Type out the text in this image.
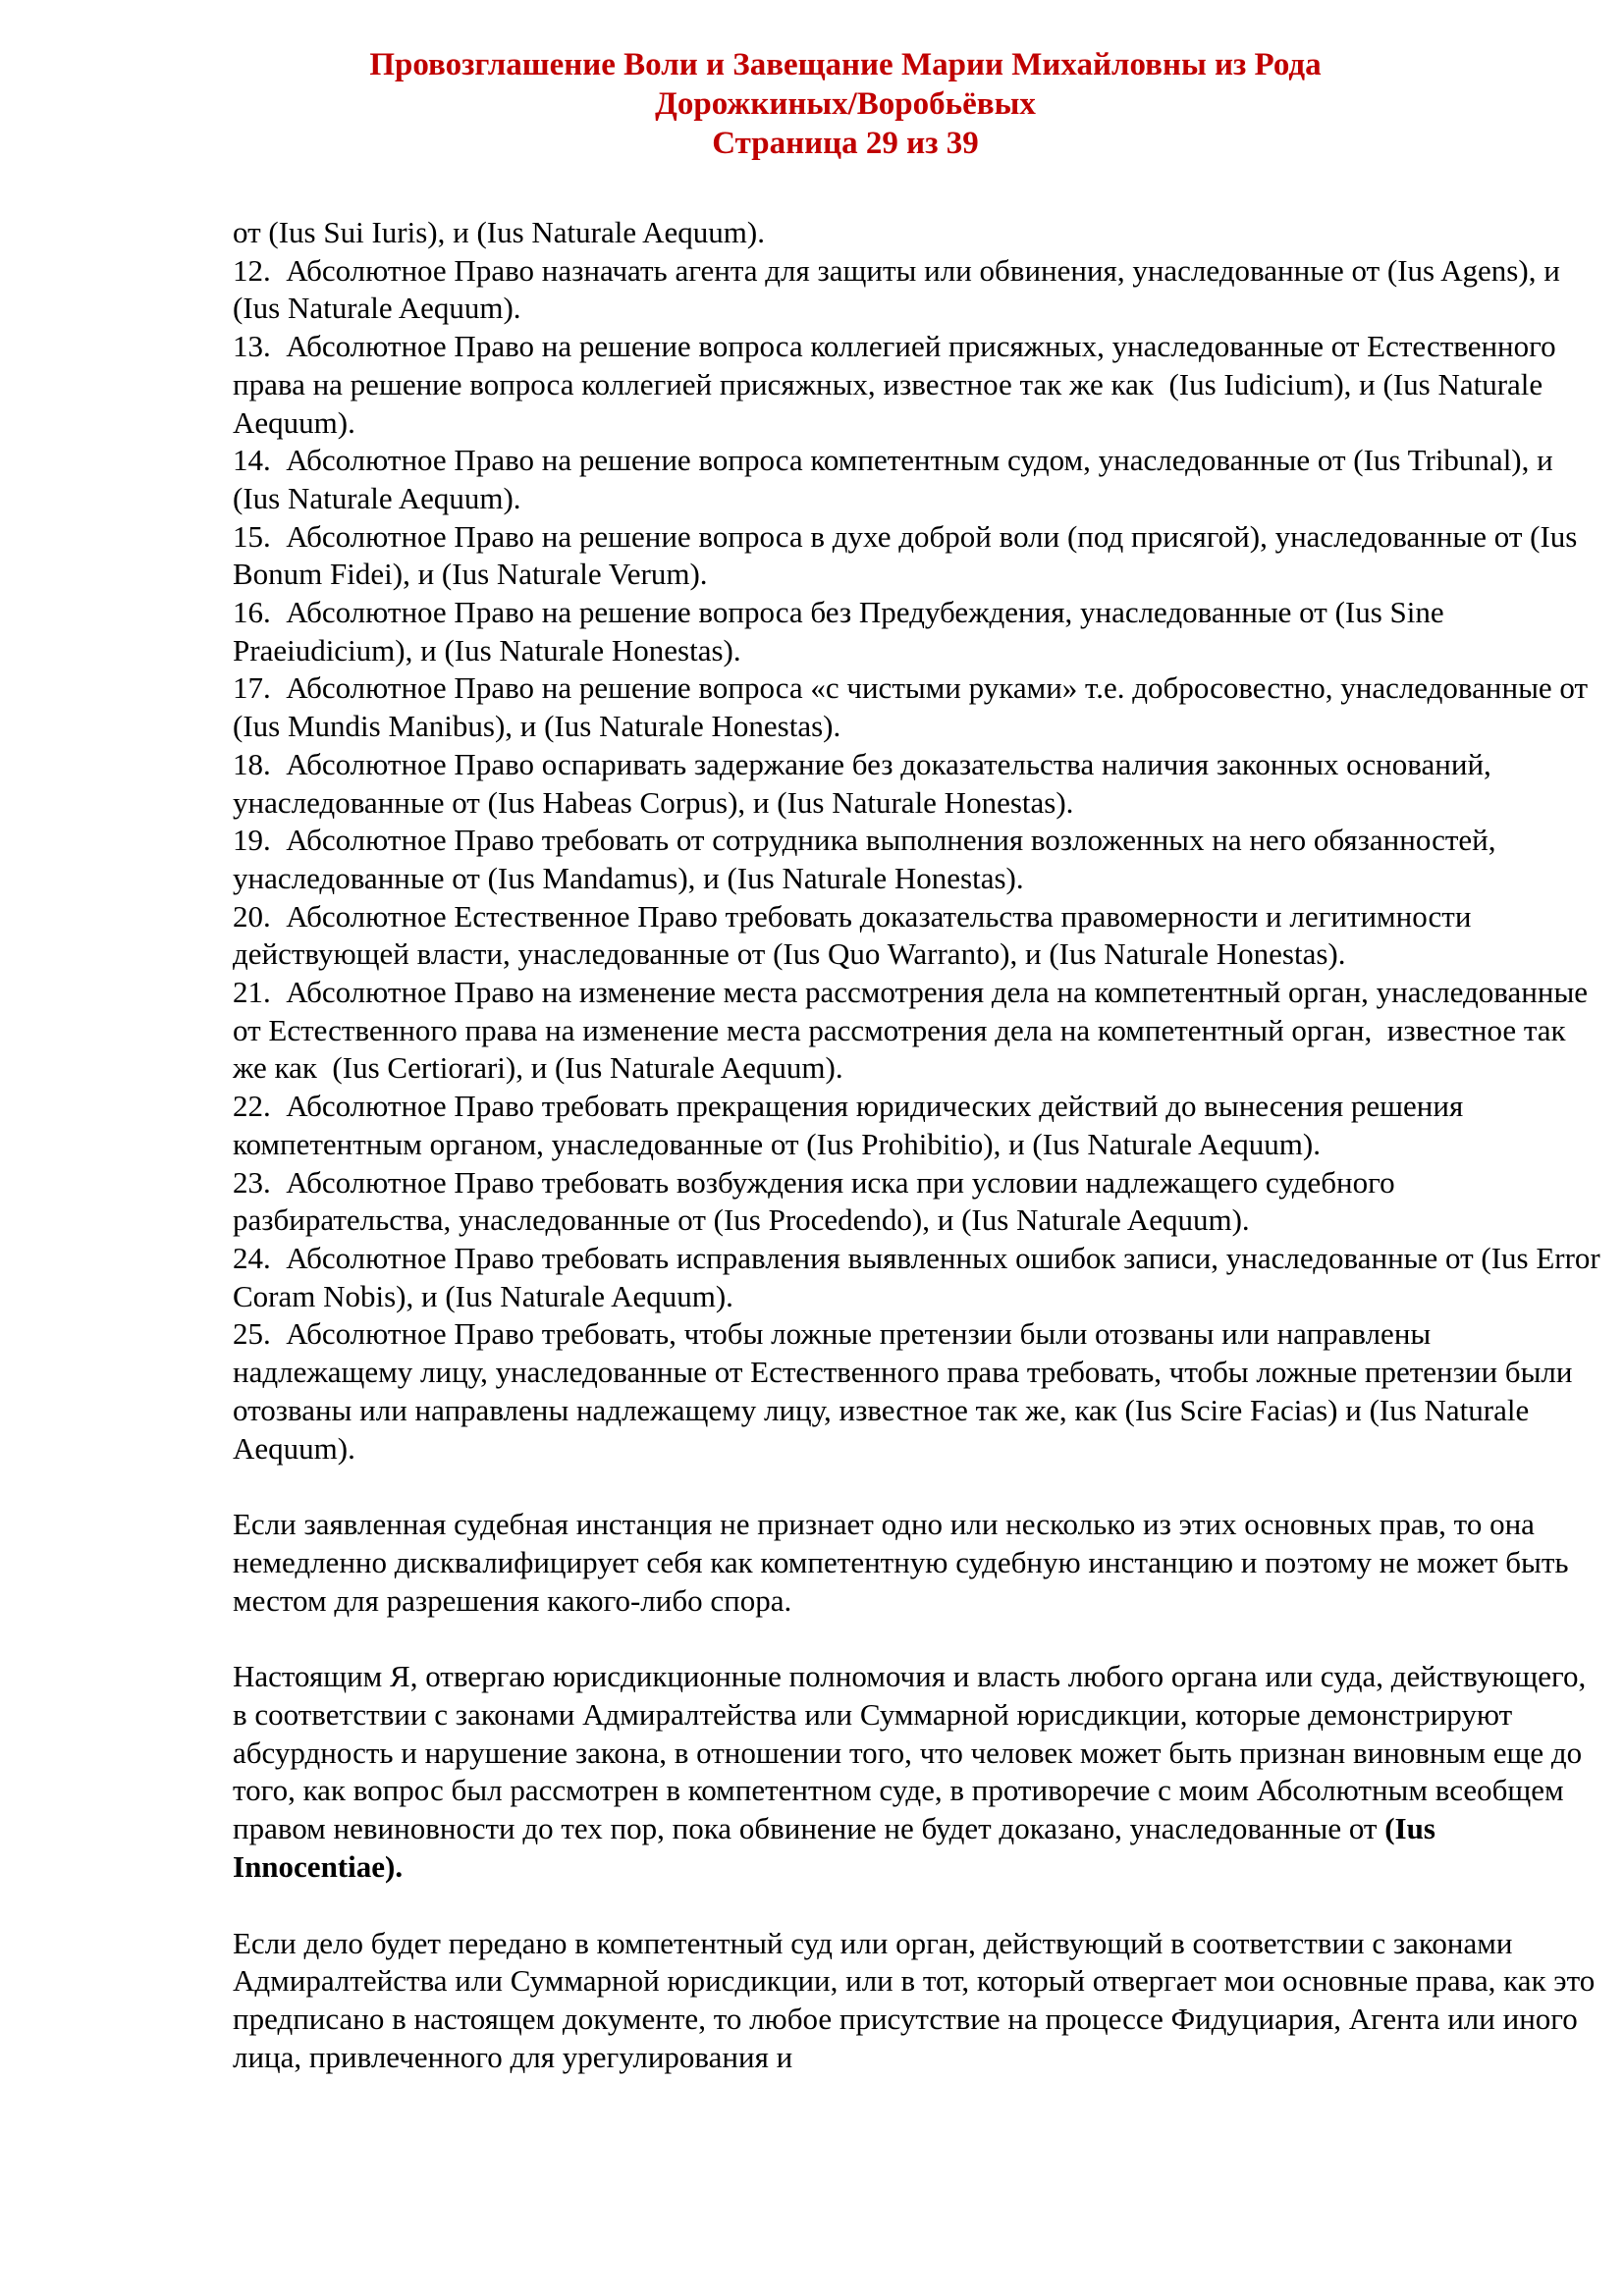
Провозглашение Воли и Завещание Марии Михайловны из Рода
Дорожкиных/Воробьёвых
Страница 29 из 39

от (Ius Sui Iuris), и (Ius Naturale Aequum).

12.  Абсолютное Право назначать агента для защиты или обвинения, унаследованные от (Ius Agens), и (Ius Naturale Aequum).

13.  Абсолютное Право на решение вопроса коллегией присяжных, унаследованные от Естественного права на решение вопроса коллегией присяжных, известное так же как  (Ius Iudicium), и (Ius Naturale Aequum).

14.  Абсолютное Право на решение вопроса компетентным судом, унаследованные от (Ius Tribunal), и (Ius Naturale Aequum).

15.  Абсолютное Право на решение вопроса в духе доброй воли (под присягой), унаследованные от (Ius Bonum Fidei), и (Ius Naturale Verum).

16.  Абсолютное Право на решение вопроса без Предубеждения, унаследованные от (Ius Sine Praeiudicium), и (Ius Naturale Honestas).

17.  Абсолютное Право на решение вопроса «с чистыми руками» т.е. добросовестно, унаследованные от (Ius Mundis Manibus), и (Ius Naturale Honestas).

18.  Абсолютное Право оспаривать задержание без доказательства наличия законных оснований, унаследованные от (Ius Habeas Corpus), и (Ius Naturale Honestas).

19.  Абсолютное Право требовать от сотрудника выполнения возложенных на него обязанностей, унаследованные от (Ius Mandamus), и (Ius Naturale Honestas).

20.  Абсолютное Естественное Право требовать доказательства правомерности и легитимности действующей власти, унаследованные от (Ius Quo Warranto), и (Ius Naturale Honestas).

21.  Абсолютное Право на изменение места рассмотрения дела на компетентный орган, унаследованные от Естественного права на изменение места рассмотрения дела на компетентный орган,  известное так же как  (Ius Certiorari), и (Ius Naturale Aequum).

22.  Абсолютное Право требовать прекращения юридических действий до вынесения решения компетентным органом, унаследованные от (Ius Prohibitio), и (Ius Naturale Aequum).

23.  Абсолютное Право требовать возбуждения иска при условии надлежащего судебного разбирательства, унаследованные от (Ius Procedendo), и (Ius Naturale Aequum).

24.  Абсолютное Право требовать исправления выявленных ошибок записи, унаследованные от (Ius Error Coram Nobis), и (Ius Naturale Aequum).

25.  Абсолютное Право требовать, чтобы ложные претензии были отозваны или направлены надлежащему лицу, унаследованные от Естественного права требовать, чтобы ложные претензии были отозваны или направлены надлежащему лицу, известное так же, как (Ius Scire Facias) и (Ius Naturale Aequum).

Если заявленная судебная инстанция не признает одно или несколько из этих основных прав, то она немедленно дисквалифицирует себя как компетентную судебную инстанцию и поэтому не может быть местом для разрешения какого-либо спора.

Настоящим Я, отвергаю юрисдикционные полномочия и власть любого органа или суда, действующего, в соответствии с законами Адмиралтейства или Суммарной юрисдикции, которые демонстрируют абсурдность и нарушение закона, в отношении того, что человек может быть признан виновным еще до того, как вопрос был рассмотрен в компетентном суде, в противоречие с моим Абсолютным всеобщем правом невиновности до тех пор, пока обвинение не будет доказано, унаследованные от (Ius Innocentiae).

Если дело будет передано в компетентный суд или орган, действующий в соответствии с законами Адмиралтейства или Суммарной юрисдикции, или в тот, который отвергает мои основные права, как это предписано в настоящем документе, то любое присутствие на процессе Фидуциария, Агента или иного лица, привлеченного для урегулирования и
